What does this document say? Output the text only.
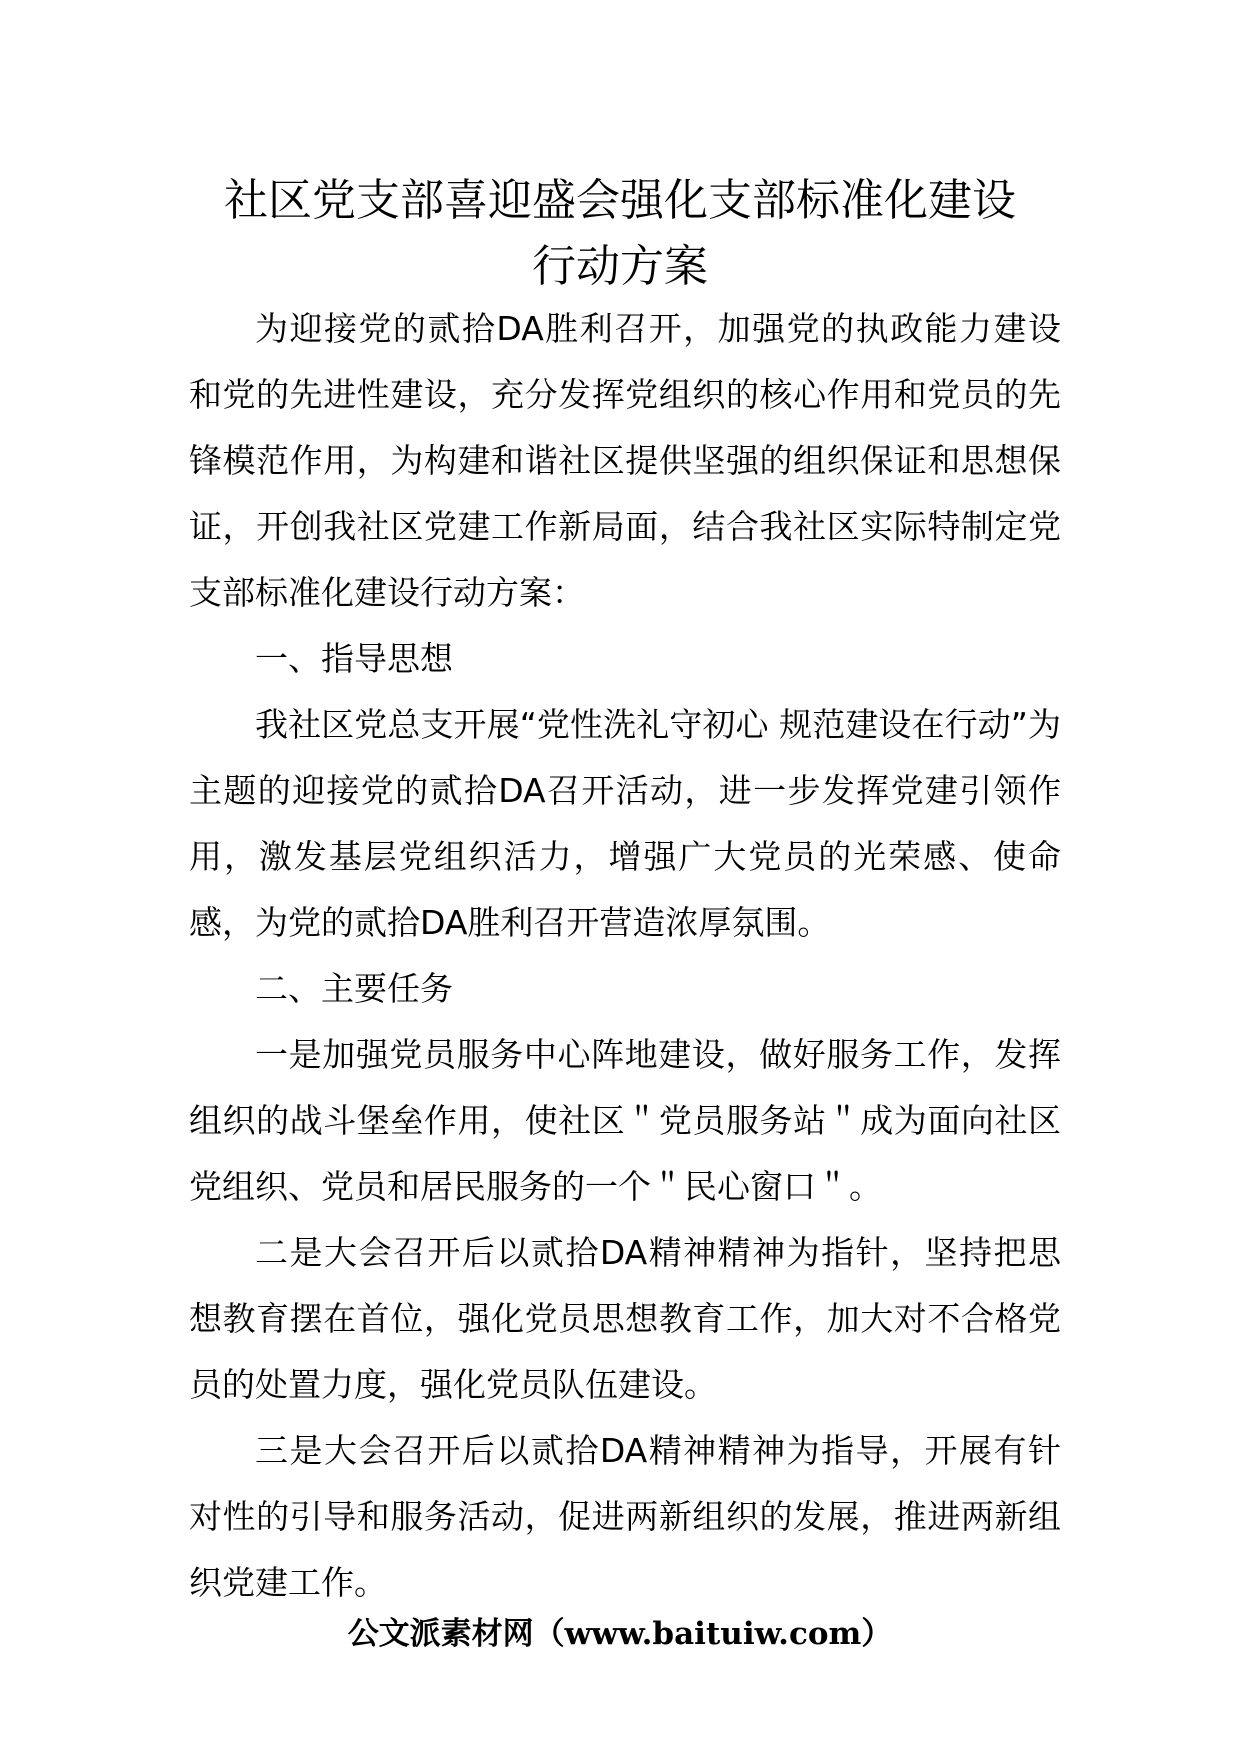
社区党支部喜迎盛会强化支部标准化建设
行动方案

为迎接党的贰拾DA胜利召开，加强党的执政能力建设和党的先进性建设，充分发挥党组织的核心作用和党员的先锋模范作用，为构建和谐社区提供坚强的组织保证和思想保证，开创我社区党建工作新局面，结合我社区实际特制定党支部标准化建设行动方案：

一、指导思想

我社区党总支开展“党性洗礼守初心 规范建设在行动”为主题的迎接党的贰拾DA召开活动，进一步发挥党建引领作用，激发基层党组织活力，增强广大党员的光荣感、使命感，为党的贰拾DA胜利召开营造浓厚氛围。

二、主要任务

一是加强党员服务中心阵地建设，做好服务工作，发挥组织的战斗堡垒作用，使社区＂党员服务站＂成为面向社区党组织、党员和居民服务的一个＂民心窗口＂。

二是大会召开后以贰拾DA精神精神为指针，坚持把思想教育摆在首位，强化党员思想教育工作，加大对不合格党员的处置力度，强化党员队伍建设。

三是大会召开后以贰拾DA精神精神为指导，开展有针对性的引导和服务活动，促进两新组织的发展，推进两新组织党建工作。

公文派素材网（www.baituiw.com）
